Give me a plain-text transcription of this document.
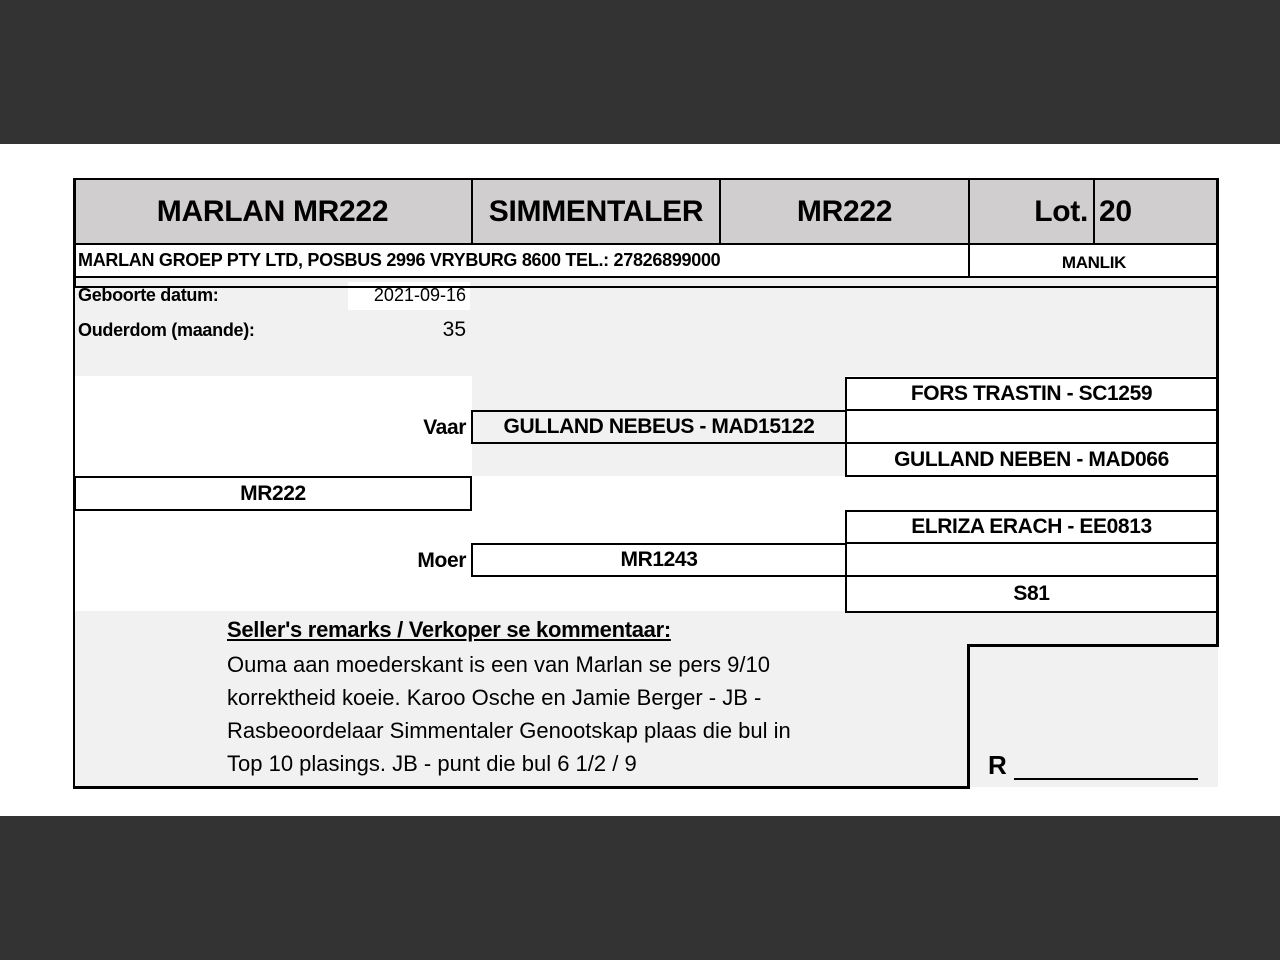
MARLAN MR222	SIMMENTALER	MR222	Lot. 20
MARLAN GROEP PTY LTD, POSBUS 2996 VRYBURG 8600 TEL.: 27826899000	MANLIK
Geboorte datum:	2021-09-16
Ouderdom (maande):	35
FORS TRASTIN - SC1259
GULLAND NEBEN - MAD066
Vaar	GULLAND NEBEUS - MAD15122
MR222
ELRIZA ERACH - EE0813
S81
Moer	MR1243
Seller's remarks / Verkoper se kommentaar:
Ouma aan moederskant is een van Marlan se pers 9/10
korrektheid koeie. Karoo Osche en Jamie Berger - JB -
Rasbeoordelaar Simmentaler Genootskap plaas die bul in
Top 10 plasings. JB - punt die bul 6 1/2 / 9	R
